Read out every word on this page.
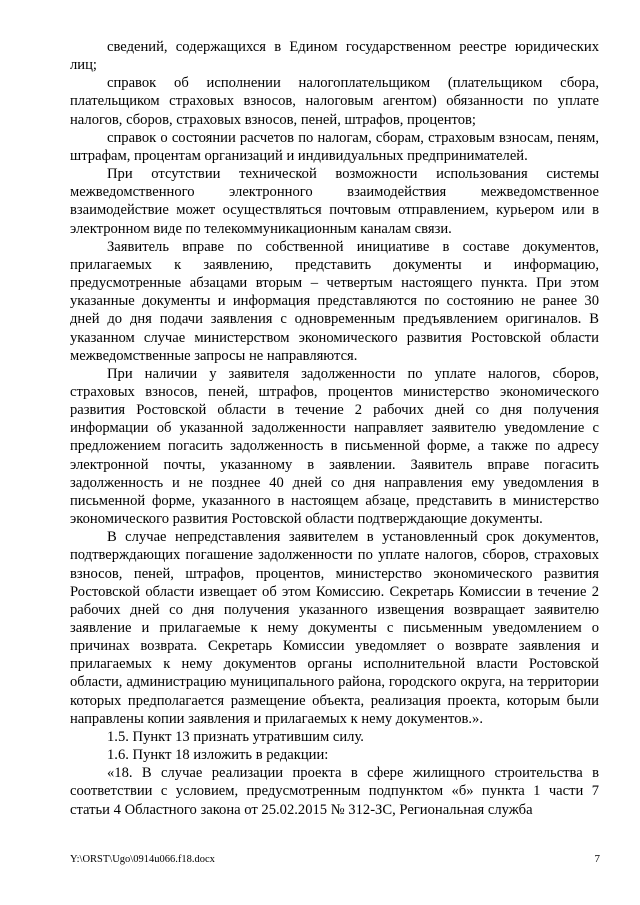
сведений, содержащихся в Едином государственном реестре юридических лиц;

справок об исполнении налогоплательщиком (плательщиком сбора, плательщиком страховых взносов, налоговым агентом) обязанности по уплате налогов, сборов, страховых взносов, пеней, штрафов, процентов;

справок о состоянии расчетов по налогам, сборам, страховым взносам, пеням, штрафам, процентам организаций и индивидуальных предпринимателей.

При отсутствии технической возможности использования системы межведомственного электронного взаимодействия межведомственное взаимодействие может осуществляться почтовым отправлением, курьером или в электронном виде по телекоммуникационным каналам связи.

Заявитель вправе по собственной инициативе в составе документов, прилагаемых к заявлению, представить документы и информацию, предусмотренные абзацами вторым – четвертым настоящего пункта. При этом указанные документы и информация представляются по состоянию не ранее 30 дней до дня подачи заявления с одновременным предъявлением оригиналов. В указанном случае министерством экономического развития Ростовской области межведомственные запросы не направляются.

При наличии у заявителя задолженности по уплате налогов, сборов, страховых взносов, пеней, штрафов, процентов министерство экономического развития Ростовской области в течение 2 рабочих дней со дня получения информации об указанной задолженности направляет заявителю уведомление с предложением погасить задолженность в письменной форме, а также по адресу электронной почты, указанному в заявлении. Заявитель вправе погасить задолженность и не позднее 40 дней со дня направления ему уведомления в письменной форме, указанного в настоящем абзаце, представить в министерство экономического развития Ростовской области подтверждающие документы.

В случае непредставления заявителем в установленный срок документов, подтверждающих погашение задолженности по уплате налогов, сборов, страховых взносов, пеней, штрафов, процентов, министерство экономического развития Ростовской области извещает об этом Комиссию. Секретарь Комиссии в течение 2 рабочих дней со дня получения указанного извещения возвращает заявителю заявление и прилагаемые к нему документы с письменным уведомлением о причинах возврата. Секретарь Комиссии уведомляет о возврате заявления и прилагаемых к нему документов органы исполнительной власти Ростовской области, администрацию муниципального района, городского округа, на территории которых предполагается размещение объекта, реализация проекта, которым были направлены копии заявления и прилагаемых к нему документов.».

1.5. Пункт 13 признать утратившим силу.

1.6. Пункт 18 изложить в редакции:

«18. В случае реализации проекта в сфере жилищного строительства в соответствии с условием, предусмотренным подпунктом «б» пункта 1 части 7 статьи 4 Областного закона от 25.02.2015 № 312-ЗС, Региональная служба

Y:\ORST\Ugo\0914u066.f18.docx	7
